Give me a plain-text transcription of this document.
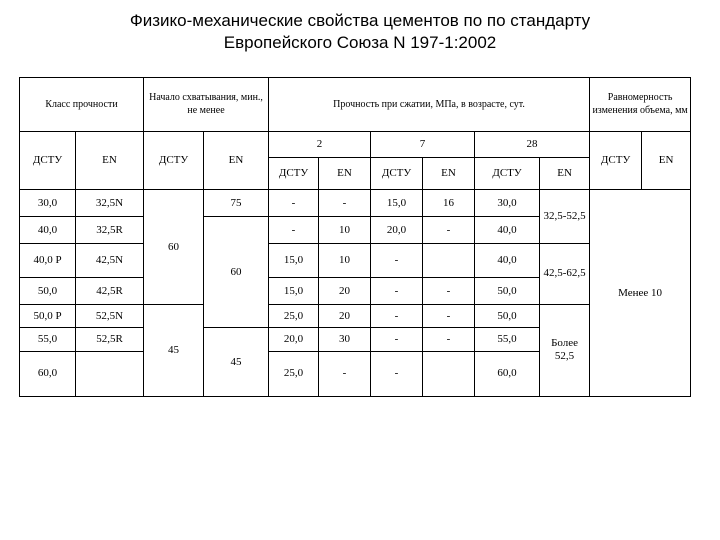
Физико-механические свойства цементов по по стандарту
Европейского Союза N 197-1:2002
Класс прочности		Начало схватывания, мин., не менее		Прочность при сжатии, МПа, в возрасте, сут.						Равномерность изменения объема, мм	
ДСТУ	EN	ДСТУ	EN	2		7		28		ДСТУ	EN
				ДСТУ	EN	ДСТУ	EN	ДСТУ	EN		
30,0	32,5N	60	75	-	-	15,0	16	30,0	32,5-52,5	Менее 10	
40,0	32,5R		60	-	10	20,0	-	40,0			
40,0 Р	42,5N			15,0	10	-		40,0	42,5-62,5		
50,0	42,5R			15,0	20	-	-	50,0			
50,0 Р	52,5N	45		25,0	20	-	-	50,0	Более 52,5		
55,0	52,5R		45	20,0	30	-	-	55,0			
60,0				25,0	-	-		60,0			
